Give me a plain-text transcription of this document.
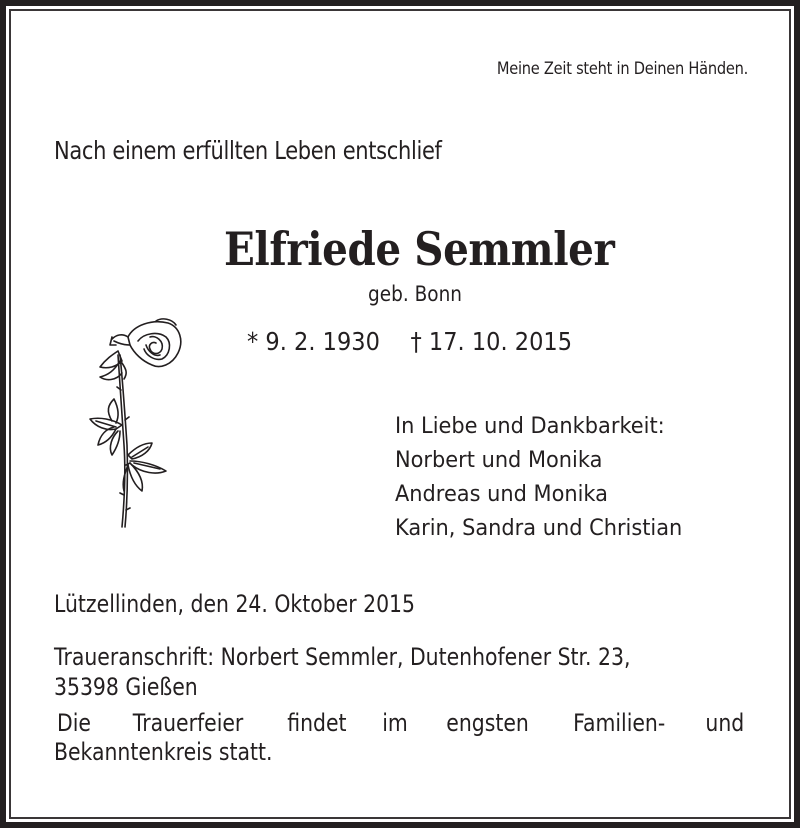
Meine Zeit steht in Deinen Händen.
Nach einem erfüllten Leben entschlief
Elfriede Semmler
geb. Bonn
* 9. 2. 1930 † 17. 10. 2015
In Liebe und Dankbarkeit:
Norbert und Monika
Andreas und Monika
Karin, Sandra und Christian
Lützellinden, den 24. Oktober 2015
Traueranschrift: Norbert Semmler, Dutenhofener Str. 23,
35398 Gießen
Die Trauerfeier findet im engsten Familien- und
Bekanntenkreis statt.
